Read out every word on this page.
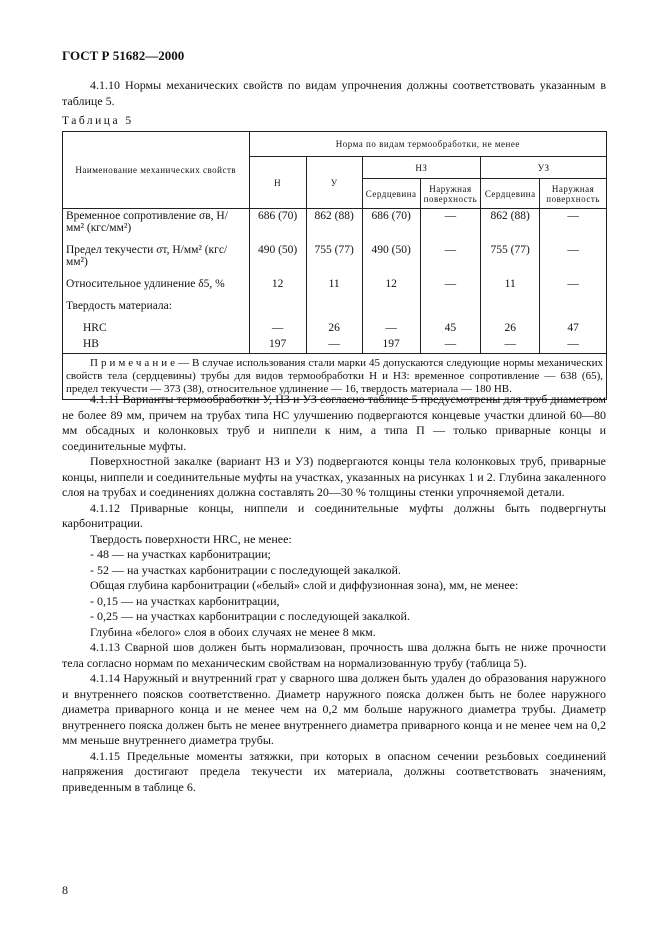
ГОСТ Р 51682—2000

4.1.10 Нормы механических свойств по видам упрочнения должны соответствовать указанным в таблице 5.

Таблица 5
Наименование механических свойств	Норма по видам термообработки, не менее					
	Н	У	НЗ		УЗ	
			Сердцевина	Наружная поверхность	Сердцевина	Наружная поверхность
Временное сопротивление σв, Н/мм² (кгс/мм²)	686 (70)	862 (88)	686 (70)	—	862 (88)	—
Предел текучести σт, Н/мм² (кгс/мм²)	490 (50)	755 (77)	490 (50)	—	755 (77)	—
Относительное удлинение δ5, %	12	11	12	—	11	—
Твердость материала:						
HRC	—	26	—	45	26	47
HB	197	—	197	—	—	—
Примечание— В случае использования стали марки 45 допускаются следующие нормы механических свойств тела (сердцевины) трубы для видов термообработки Н и НЗ: временное сопротивление — 638 (65), предел текучести — 373 (38), относительное удлинение — 16, твердость материала — 180 НВ.						

4.1.11 Варианты термообработки У, НЗ и УЗ согласно таблице 5 предусмотрены для труб диаметром не более 89 мм, причем на трубах типа НС улучшению подвергаются концевые участки длиной 60—80 мм обсадных и колонковых труб и ниппели к ним, а типа П — только приварные концы и соединительные муфты.

Поверхностной закалке (вариант НЗ и УЗ) подвергаются концы тела колонковых труб, приварные концы, ниппели и соединительные муфты на участках, указанных на рисунках 1 и 2. Глубина закаленного слоя на трубах и соединениях должна составлять 20—30 % толщины стенки упрочняемой детали.

4.1.12 Приварные концы, ниппели и соединительные муфты должны быть подвергнуты карбонитрации.

Твердость поверхности HRC, не менее:

- 48 — на участках карбонитрации;

- 52 — на участках карбонитрации с последующей закалкой.

Общая глубина карбонитрации («белый» слой и диффузионная зона), мм, не менее:

- 0,15 — на участках карбонитрации,

- 0,25 — на участках карбонитрации с последующей закалкой.

Глубина «белого» слоя в обоих случаях не менее 8 мкм.

4.1.13 Сварной шов должен быть нормализован, прочность шва должна быть не ниже прочности тела согласно нормам по механическим свойствам на нормализованную трубу (таблица 5).

4.1.14 Наружный и внутренний грат у сварного шва должен быть удален до образования наружного и внутреннего поясков соответственно. Диаметр наружного пояска должен быть не более наружного диаметра приварного конца и не менее чем на 0,2 мм больше наружного диаметра трубы. Диаметр внутреннего пояска должен быть не менее внутреннего диаметра приварного конца и не менее чем на 0,2 мм меньше внутреннего диаметра трубы.

4.1.15 Предельные моменты затяжки, при которых в опасном сечении резьбовых соединений напряжения достигают предела текучести их материала, должны соответствовать значениям, приведенным в таблице 6.

8
